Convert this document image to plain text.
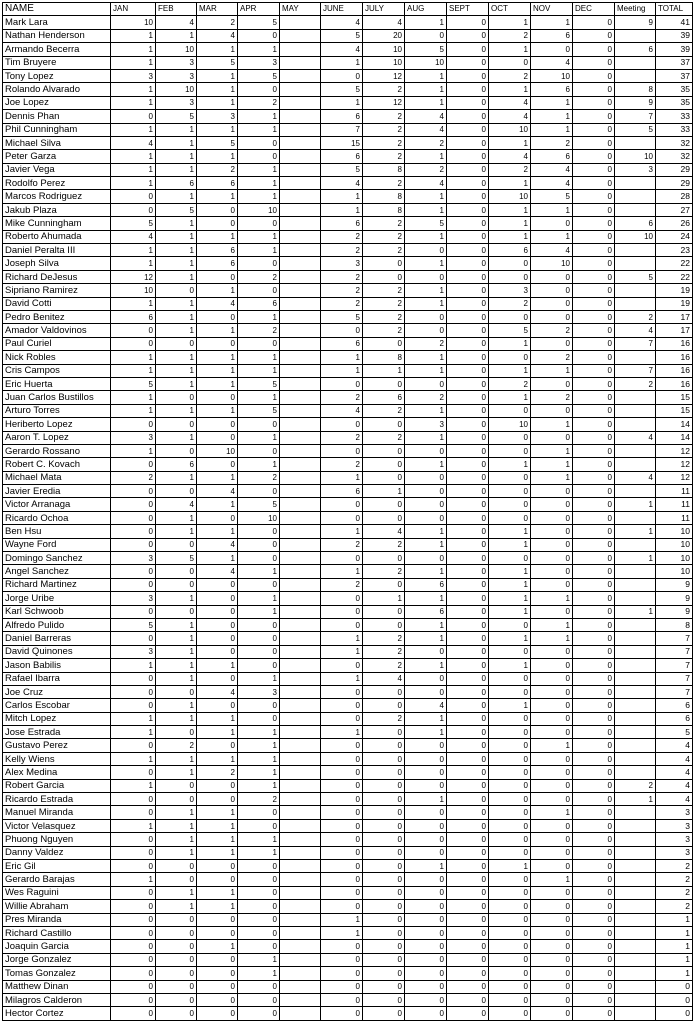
NAME	JAN	FEB	MAR	APR	MAY	JUNE	JULY	AUG	SEPT	OCT	NOV	DEC	Meeting	TOTAL
Mark Lara	10	4	2	5		4	4	1	0	1	1	0	9	41
Nathan Henderson	1	1	4	0		5	20	0	0	2	6	0		39
Armando Becerra	1	10	1	1		4	10	5	0	1	0	0	6	39
Tim Bruyere	1	3	5	3		1	10	10	0	0	4	0		37
Tony Lopez	3	3	1	5		0	12	1	0	2	10	0		37
Rolando Alvarado	1	10	1	0		5	2	1	0	1	6	0	8	35
Joe Lopez	1	3	1	2		1	12	1	0	4	1	0	9	35
Dennis Phan	0	5	3	1		6	2	4	0	4	1	0	7	33
Phil Cunningham	1	1	1	1		7	2	4	0	10	1	0	5	33
Michael Silva	4	1	5	0		15	2	2	0	1	2	0		32
Peter Garza	1	1	1	0		6	2	1	0	4	6	0	10	32
Javier Vega	1	1	2	1		5	8	2	0	2	4	0	3	29
Rodolfo Perez	1	6	6	1		4	2	4	0	1	4	0		29
Marcos Rodriguez	0	1	1	1		1	8	1	0	10	5	0		28
Jakub Plaza	0	5	0	10		1	8	1	0	1	1	0		27
Mike Cunningham	5	1	0	0		6	2	5	0	1	0	0	6	26
Roberto Ahumada	4	1	1	1		2	2	1	0	1	1	0	10	24
Daniel Peralta III	1	1	6	1		2	2	0	0	6	4	0		23
Joseph Silva	1	1	6	0		3	0	1	0	0	10	0		22
Richard DeJesus	12	1	0	2		2	0	0	0	0	0	0	5	22
Sipriano Ramirez	10	0	1	0		2	2	1	0	3	0	0		19
David Cotti	1	1	4	6		2	2	1	0	2	0	0		19
Pedro Benitez	6	1	0	1		5	2	0	0	0	0	0	2	17
Amador Valdovinos	0	1	1	2		0	2	0	0	5	2	0	4	17
Paul Curiel	0	0	0	0		6	0	2	0	1	0	0	7	16
Nick Robles	1	1	1	1		1	8	1	0	0	2	0		16
Cris Campos	1	1	1	1		1	1	1	0	1	1	0	7	16
Eric Huerta	5	1	1	5		0	0	0	0	2	0	0	2	16
Juan Carlos Bustillos	1	0	0	1		2	6	2	0	1	2	0		15
Arturo Torres	1	1	1	5		4	2	1	0	0	0	0		15
Heriberto Lopez	0	0	0	0		0	0	3	0	10	1	0		14
Aaron T. Lopez	3	1	0	1		2	2	1	0	0	0	0	4	14
Gerardo Rossano	1	0	10	0		0	0	0	0	0	1	0		12
Robert C. Kovach	0	6	0	1		2	0	1	0	1	1	0		12
Michael Mata	2	1	1	2		1	0	0	0	0	1	0	4	12
Javier Eredia	0	0	4	0		6	1	0	0	0	0	0		11
Victor Arranaga	0	4	1	5		0	0	0	0	0	0	0	1	11
Ricardo Ochoa	0	1	0	10		0	0	0	0	0	0	0		11
Ben Hsu	0	1	1	0		1	4	1	0	1	0	0	1	10
Wayne Ford	0	0	4	0		2	2	1	0	1	0	0		10
Domingo Sanchez	3	5	1	0		0	0	0	0	0	0	0	1	10
Angel Sanchez	0	0	4	1		1	2	1	0	1	0	0		10
Richard Martinez	0	0	0	0		2	0	6	0	1	0	0		9
Jorge Uribe	3	1	0	1		0	1	1	0	1	1	0		9
Karl Schwoob	0	0	0	1		0	0	6	0	1	0	0	1	9
Alfredo Pulido	5	1	0	0		0	0	1	0	0	1	0		8
Daniel Barreras	0	1	0	0		1	2	1	0	1	1	0		7
David Quinones	3	1	0	0		1	2	0	0	0	0	0		7
Jason Babilis	1	1	1	0		0	2	1	0	1	0	0		7
Rafael Ibarra	0	1	0	1		1	4	0	0	0	0	0		7
Joe Cruz	0	0	4	3		0	0	0	0	0	0	0		7
Carlos Escobar	0	1	0	0		0	0	4	0	1	0	0		6
Mitch Lopez	1	1	1	0		0	2	1	0	0	0	0		6
Jose Estrada	1	0	1	1		1	0	1	0	0	0	0		5
Gustavo Perez	0	2	0	1		0	0	0	0	0	1	0		4
Kelly Wiens	1	1	1	1		0	0	0	0	0	0	0		4
Alex Medina	0	1	2	1		0	0	0	0	0	0	0		4
Robert Garcia	1	0	0	1		0	0	0	0	0	0	0	2	4
Ricardo Estrada	0	0	0	2		0	0	1	0	0	0	0	1	4
Manuel Miranda	0	1	1	0		0	0	0	0	0	1	0		3
Victor Velasquez	1	1	1	0		0	0	0	0	0	0	0		3
Phuong Nguyen	0	1	1	1		0	0	0	0	0	0	0		3
Danny Valdez	0	1	1	1		0	0	0	0	0	0	0		3
Eric Gil	0	0	0	0		0	0	1	0	1	0	0		2
Gerardo Barajas	1	0	0	0		0	0	0	0	0	1	0		2
Wes Raguini	0	1	1	0		0	0	0	0	0	0	0		2
Willie Abraham	0	1	1	0		0	0	0	0	0	0	0		2
Pres Miranda	0	0	0	0		1	0	0	0	0	0	0		1
Richard Castillo	0	0	0	0		1	0	0	0	0	0	0		1
Joaquin Garcia	0	0	1	0		0	0	0	0	0	0	0		1
Jorge Gonzalez	0	0	0	1		0	0	0	0	0	0	0		1
Tomas Gonzalez	0	0	0	1		0	0	0	0	0	0	0		1
Matthew Dinan	0	0	0	0		0	0	0	0	0	0	0		0
Milagros Calderon	0	0	0	0		0	0	0	0	0	0	0		0
Hector Cortez	0	0	0	0		0	0	0	0	0	0	0		0
